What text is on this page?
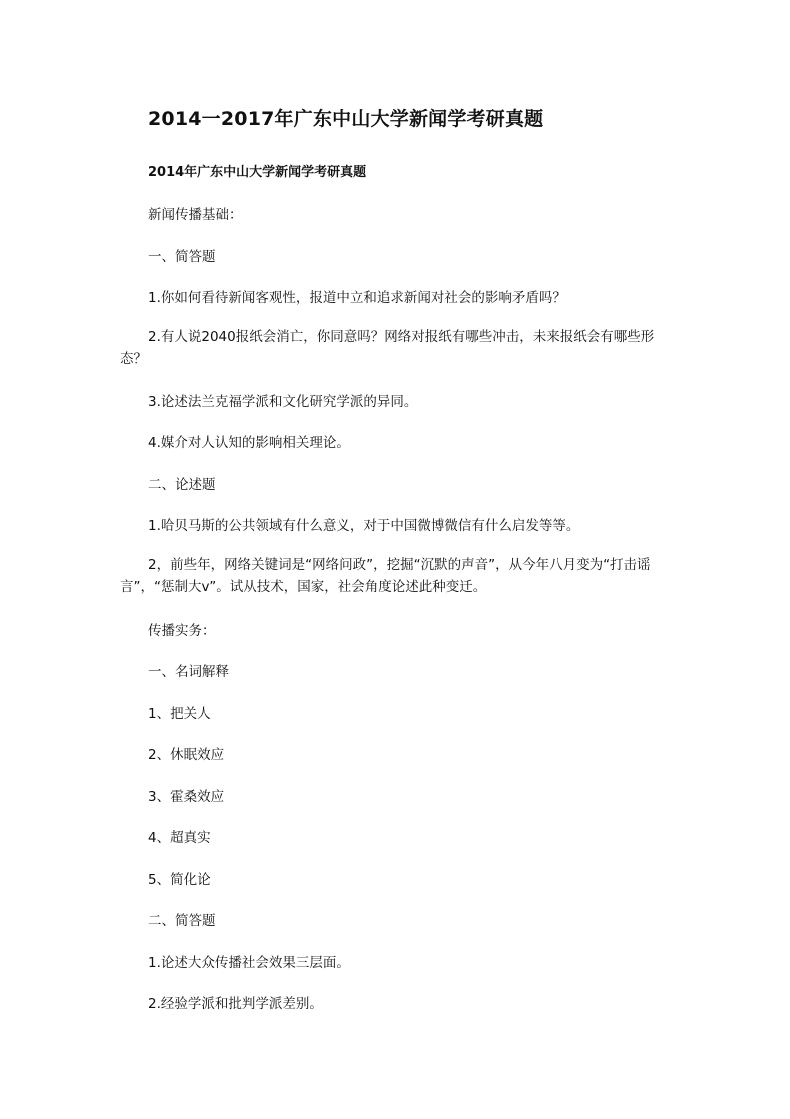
2014一2017年广东中山大学新闻学考研真题
2014年广东中山大学新闻学考研真题
新闻传播基础：
一、简答题
1.你如何看待新闻客观性，报道中立和追求新闻对社会的影响矛盾吗？
2.有人说2040报纸会消亡，你同意吗？网络对报纸有哪些冲击，未来报纸会有哪些形态？
3.论述法兰克福学派和文化研究学派的异同。
4.媒介对人认知的影响相关理论。
二、论述题
1.哈贝马斯的公共领域有什么意义，对于中国微博微信有什么启发等等。
2，前些年，网络关键词是“网络问政”，挖掘“沉默的声音”，从今年八月变为“打击谣言”，“惩制大v”。试从技术，国家，社会角度论述此种变迁。
传播实务：
一、名词解释
1、把关人
2、休眠效应
3、霍桑效应
4、超真实
5、简化论
二、简答题
1.论述大众传播社会效果三层面。
2.经验学派和批判学派差别。
